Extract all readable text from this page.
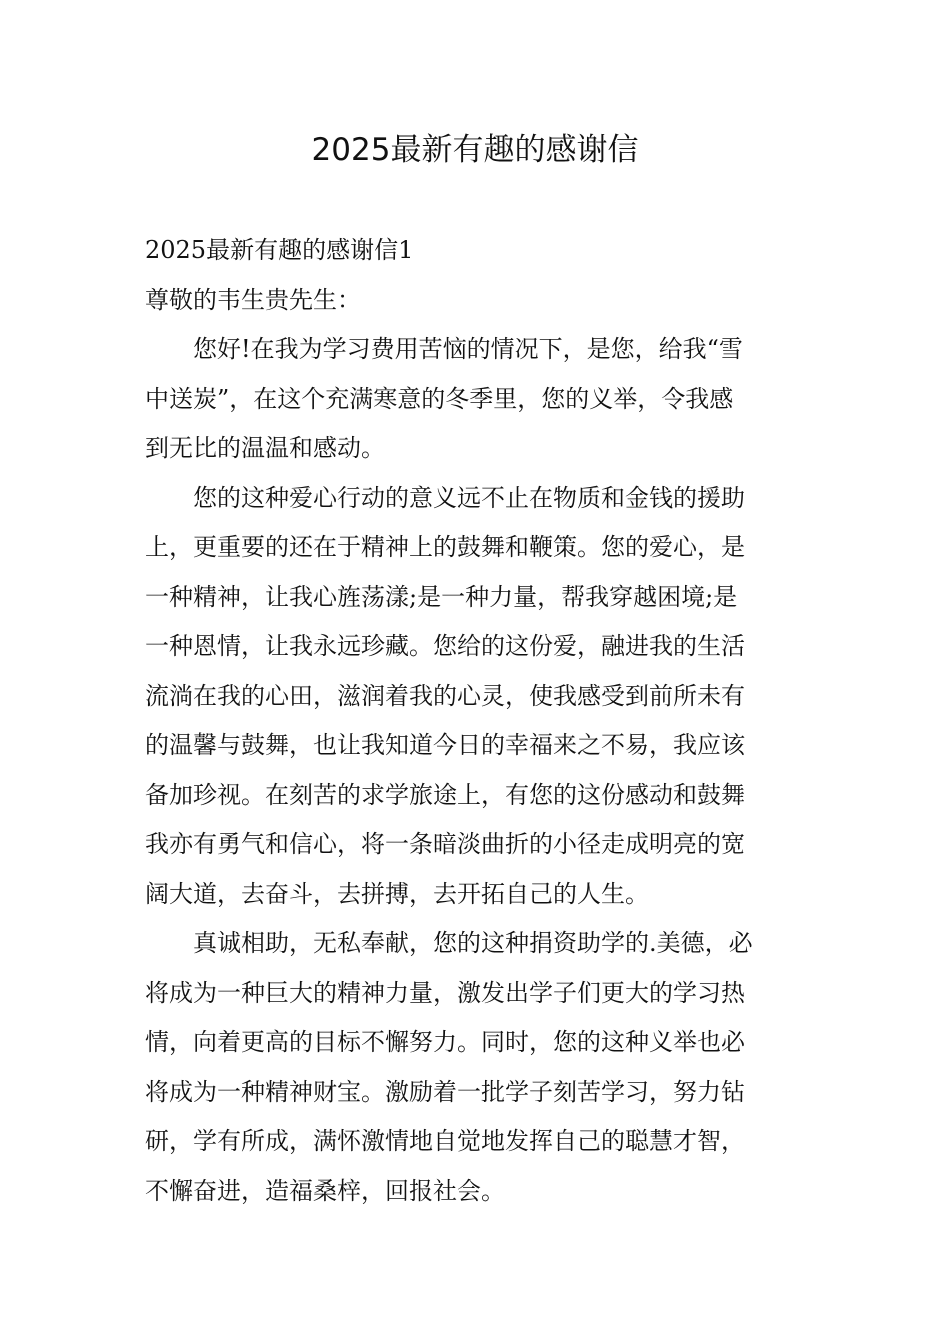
2025最新有趣的感谢信
2025最新有趣的感谢信1
尊敬的韦生贵先生：
您好!在我为学习费用苦恼的情况下，是您，给我“雪
中送炭”，在这个充满寒意的冬季里，您的义举，令我感
到无比的温温和感动。
您的这种爱心行动的意义远不止在物质和金钱的援助
上，更重要的还在于精神上的鼓舞和鞭策。您的爱心，是
一种精神，让我心旌荡漾;是一种力量，帮我穿越困境;是
一种恩情，让我永远珍藏。您给的这份爱，融进我的生活
流淌在我的心田，滋润着我的心灵，使我感受到前所未有
的温馨与鼓舞，也让我知道今日的幸福来之不易，我应该
备加珍视。在刻苦的求学旅途上，有您的这份感动和鼓舞
我亦有勇气和信心，将一条暗淡曲折的小径走成明亮的宽
阔大道，去奋斗，去拼搏，去开拓自己的人生。
真诚相助，无私奉献，您的这种捐资助学的.美德，必
将成为一种巨大的精神力量，激发出学子们更大的学习热
情，向着更高的目标不懈努力。同时，您的这种义举也必
将成为一种精神财宝。激励着一批学子刻苦学习，努力钻
研，学有所成，满怀激情地自觉地发挥自己的聪慧才智，
不懈奋进，造福桑梓，回报社会。
